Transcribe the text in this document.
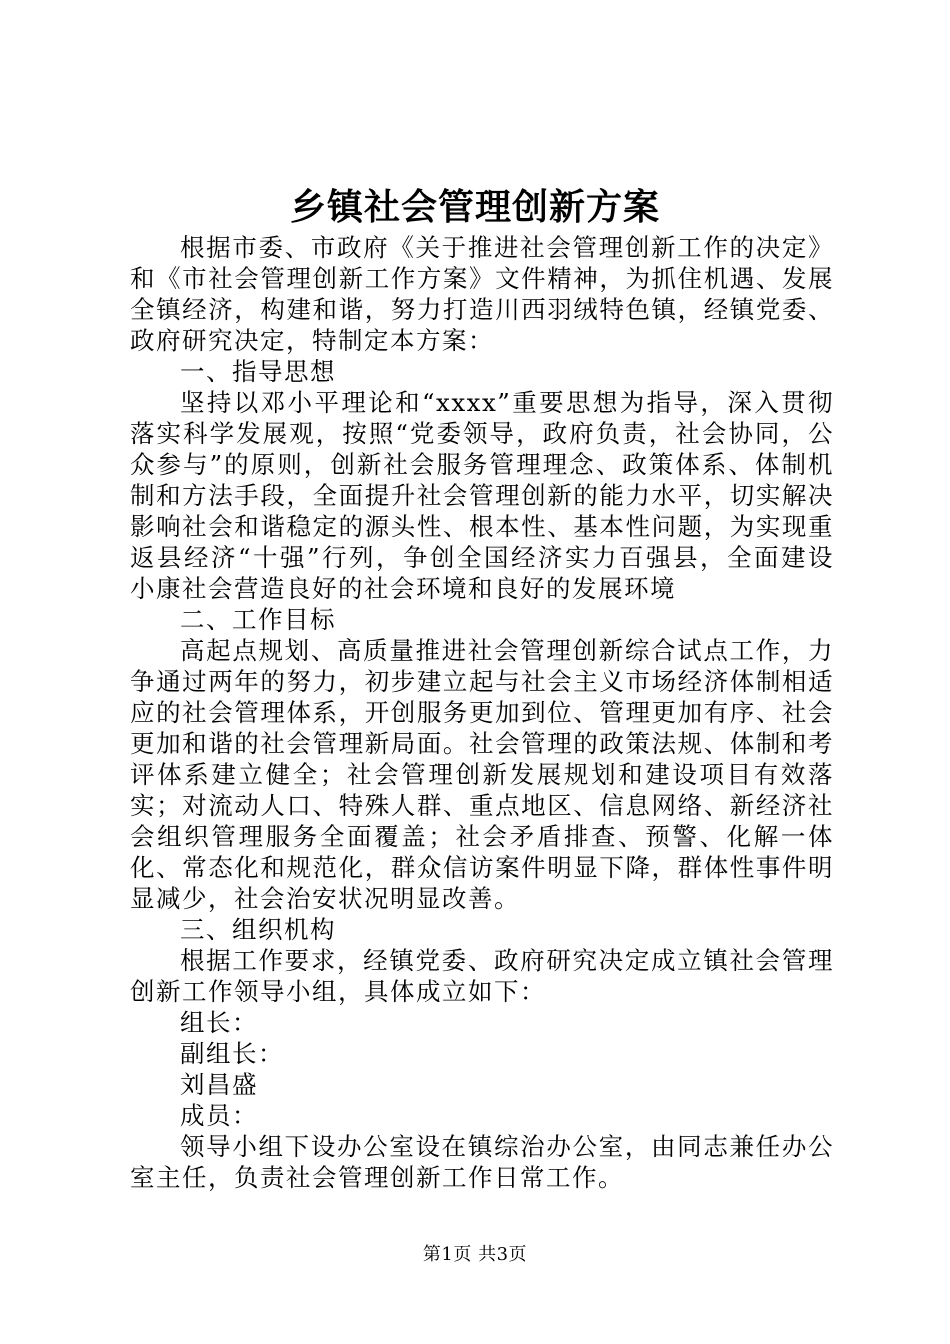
乡镇社会管理创新方案

根据市委、市政府《关于推进社会管理创新工作的决定》和《市社会管理创新工作方案》文件精神，为抓住机遇、发展全镇经济，构建和谐，努力打造川西羽绒特色镇，经镇党委、政府研究决定，特制定本方案：

一、指导思想

坚持以邓小平理论和“xxxx”重要思想为指导，深入贯彻落实科学发展观，按照“党委领导，政府负责，社会协同，公众参与”的原则，创新社会服务管理理念、政策体系、体制机制和方法手段，全面提升社会管理创新的能力水平，切实解决影响社会和谐稳定的源头性、根本性、基本性问题，为实现重返县经济“十强”行列，争创全国经济实力百强县，全面建设小康社会营造良好的社会环境和良好的发展环境

二、工作目标

高起点规划、高质量推进社会管理创新综合试点工作，力争通过两年的努力，初步建立起与社会主义市场经济体制相适应的社会管理体系，开创服务更加到位、管理更加有序、社会更加和谐的社会管理新局面。社会管理的政策法规、体制和考评体系建立健全；社会管理创新发展规划和建设项目有效落实；对流动人口、特殊人群、重点地区、信息网络、新经济社会组织管理服务全面覆盖；社会矛盾排查、预警、化解一体化、常态化和规范化，群众信访案件明显下降，群体性事件明显减少，社会治安状况明显改善。

三、组织机构

根据工作要求，经镇党委、政府研究决定成立镇社会管理创新工作领导小组，具体成立如下：

组长：

副组长：

刘昌盛

成员：

领导小组下设办公室设在镇综治办公室，由同志兼任办公室主任，负责社会管理创新工作日常工作。

第1页 共3页
